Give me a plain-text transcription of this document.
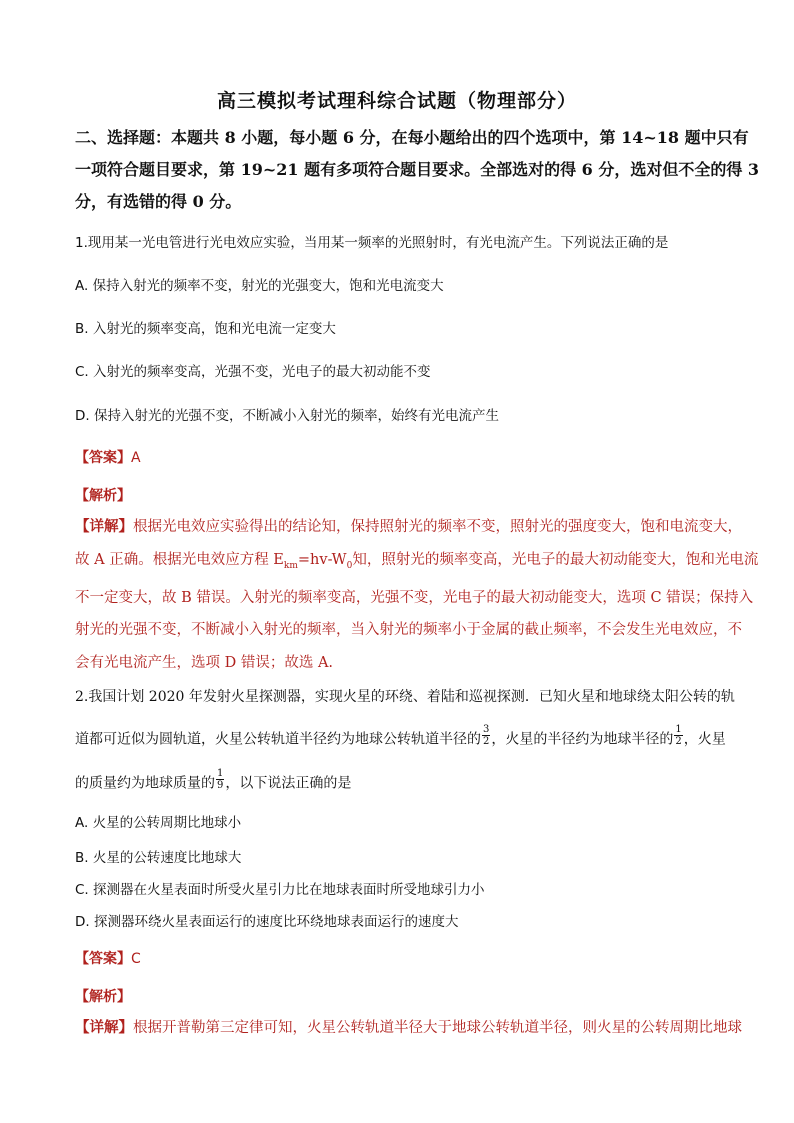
高三模拟考试理科综合试题（物理部分）
二、选择题：本题共 8 小题，每小题 6 分，在每小题给出的四个选项中，第 14~18 题中只有
一项符合题目要求，第 19~21 题有多项符合题目要求。全部选对的得 6 分，选对但不全的得 3
分，有选错的得 0 分。
1.现用某一光电管进行光电效应实验，当用某一频率的光照射时，有光电流产生。下列说法正确的是
A. 保持入射光的频率不变，射光的光强变大，饱和光电流变大
B. 入射光的频率变高，饱和光电流一定变大
C. 入射光的频率变高，光强不变，光电子的最大初动能不变
D. 保持入射光的光强不变，不断减小入射光的频率，始终有光电流产生
【答案】A
【解析】
【详解】根据光电效应实验得出的结论知，保持照射光的频率不变，照射光的强度变大，饱和电流变大，
故 A 正确。根据光电效应方程 $E_{km}=hv-W_0$知，照射光的频率变高，光电子的最大初动能变大，饱和光电流
不一定变大，故 B 错误。入射光的频率变高，光强不变，光电子的最大初动能变大，选项 C 错误；保持入
射光的光强不变，不断减小入射光的频率，当入射光的频率小于金属的截止频率，不会发生光电效应，不
会有光电流产生，选项 D 错误；故选 A.
2.我国计划 2020 年发射火星探测器，实现火星的环绕、着陆和巡视探测．已知火星和地球绕太阳公转的轨
道都可近似为圆轨道，火星公转轨道半径约为地球公转轨道半径的 $\frac{3}{2}$ ，火星的半径约为地球半径的 $\frac{1}{2}$ ，火星
的质量约为地球质量的 $\frac{1}{9}$ ，以下说法正确的是
A. 火星的公转周期比地球小
B. 火星的公转速度比地球大
C. 探测器在火星表面时所受火星引力比在地球表面时所受地球引力小
D. 探测器环绕火星表面运行的速度比环绕地球表面运行的速度大
【答案】C
【解析】
【详解】根据开普勒第三定律可知，火星公转轨道半径大于地球公转轨道半径，则火星的公转周期比地球
